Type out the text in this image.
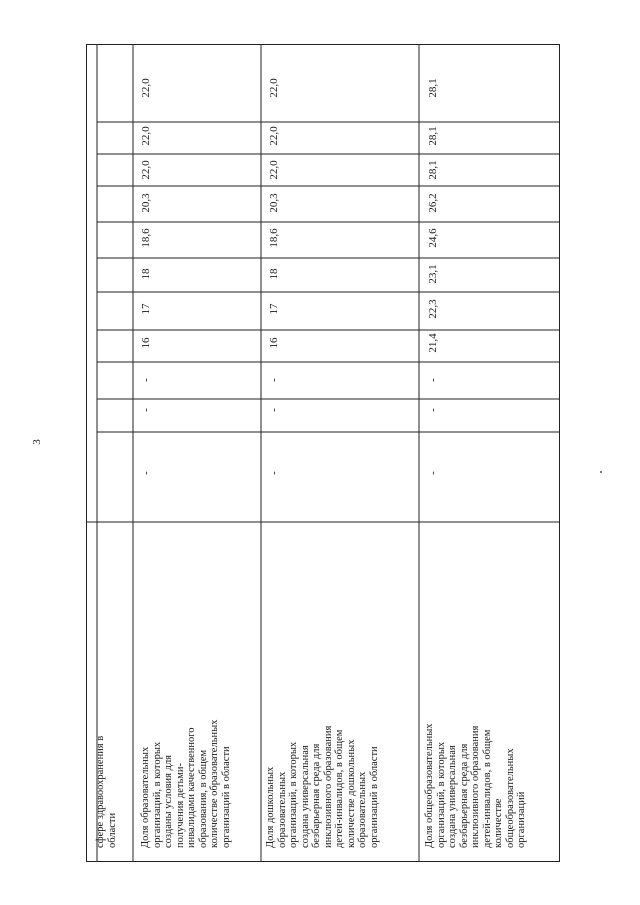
3
сфере здравоохранения в
области Доля образовательных
организаций, в которых
созданы условия для
получения детьми-
инвалидами качественного
образования, в общем
количестве образовательных
организаций в области
Доля дошкольных
образовательных
организаций, в которых
создана универсальная
безбарьерная среда для
инклюзивного образования
детей-инвалидов, в общем
количестве дошкольных
образовательных
организаций в области
Доля общеобразовательных
организаций, в которых
создана универсальная
безбарьерная среда для
инклюзивного образования
детей-инвалидов, в общем
количестве
общеобразовательных
организаций
-
-
-
16
17
18
18,6
20,3
22,0
22,0
22,0
-
-
-
16
17
18
18,6
20,3
22,0
22,0
22,0
-
-
-
21,4
22,3
23,1
24,6
26,2
28,1
28,1
28,1
